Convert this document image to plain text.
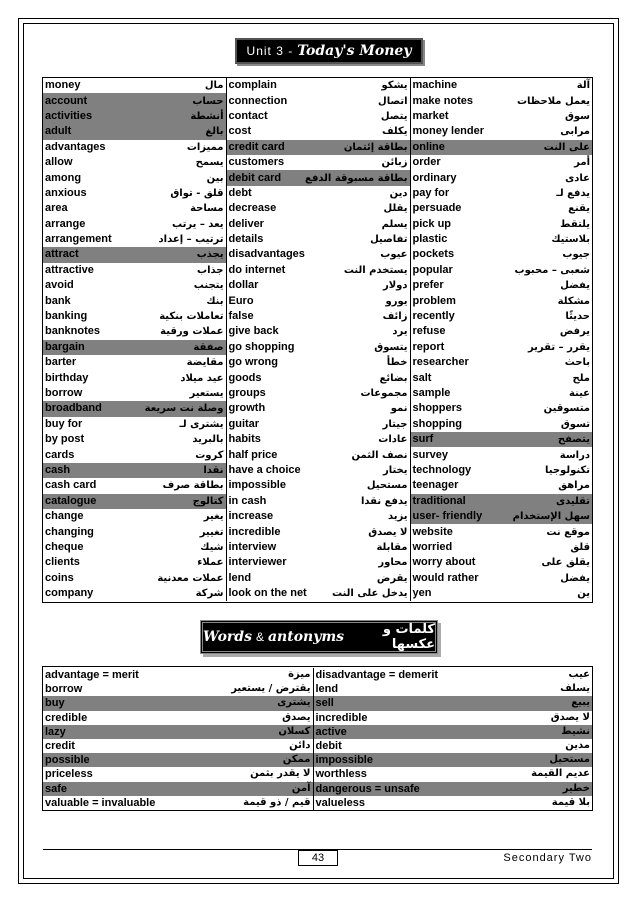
Unit 3 - Today's Money
money	مال	complain	يشكو	machine	آلة
account	حساب	connection	اتصال	make notes	يعمل ملاحظات
activities	أنشطة	contact	يتصل	market	سوق
adult	بالغ	cost	يكلف	money lender	مرابى
advantages	مميزات	credit card	بطاقة إئتمان	online	على النت
allow	يسمح	customers	زبائن	order	أمر
among	بين	debit card	بطاقة مسبوقة الدفع	ordinary	عادى
anxious	قلق - تواق	debt	دين	pay for	يدفع لـ
area	مساحة	decrease	يقلل	persuade	يقنع
arrange	يعد – يرتب	deliver	يسلم	pick up	يلتقط
arrangement	ترتيب – إعداد	details	تفاصيل	plastic	بلاستيك
attract	يجذب	disadvantages	عيوب	pockets	جيوب
attractive	جذاب	do internet	يستخدم النت	popular	شعبى – محبوب
avoid	يتجنب	dollar	دولار	prefer	يفضل
bank	بنك	Euro	يورو	problem	مشكلة
banking	تعاملات بنكية	false	زائف	recently	حديثًا
banknotes	عملات ورقية	give back	يرد	refuse	يرفض
bargain	صفقة	go shopping	يتسوق	report	يقرر – تقرير
barter	مقايضة	go wrong	خطأ	researcher	باحث
birthday	عيد ميلاد	goods	بضائع	salt	ملح
borrow	يستعير	groups	مجموعات	sample	عينة
broadband	وصلة نت سريعة	growth	نمو	shoppers	متسوقين
buy for	يشترى لـ	guitar	جيتار	shopping	تسوق
by post	بالبريد	habits	عادات	surf	يتصفح
cards	كروت	half price	نصف الثمن	survey	دراسة
cash	نقدا	have a choice	يختار	technology	تكنولوجيا
cash card	بطاقة صرف	impossible	مستحيل	teenager	مراهق
catalogue	كتالوج	in cash	يدفع نقدا	traditional	تقليدى
change	يغير	increase	يزيد	user- friendly	سهل الإستخدام
changing	تغيير	incredible	لا يصدق	website	موقع نت
cheque	شيك	interview	مقابلة	worried	قلق
clients	عملاء	interviewer	محاور	worry about	يقلق على
coins	عملات معدنية	lend	يقرض	would rather	يفضل
company	شركة	look on the net	يدخل على النت	yen	ين
Words & antonyms	كلمات و عكسها
advantage = merit	ميزة	disadvantage = demerit	عيب
borrow	يقترض / يستعير	lend	يسلف
buy	يشترى	sell	يبيع
credible	يصدق	incredible	لا يصدق
lazy	كسلان	active	نشيط
credit	دائن	debit	مدين
possible	ممكن	impossible	مستحيل
priceless	لا يقدر بثمن	worthless	عديم القيمة
safe	آمن	dangerous = unsafe	خطير
valuable = invaluable	قيم / ذو قيمة	valueless	بلا قيمة
43	Secondary Two
